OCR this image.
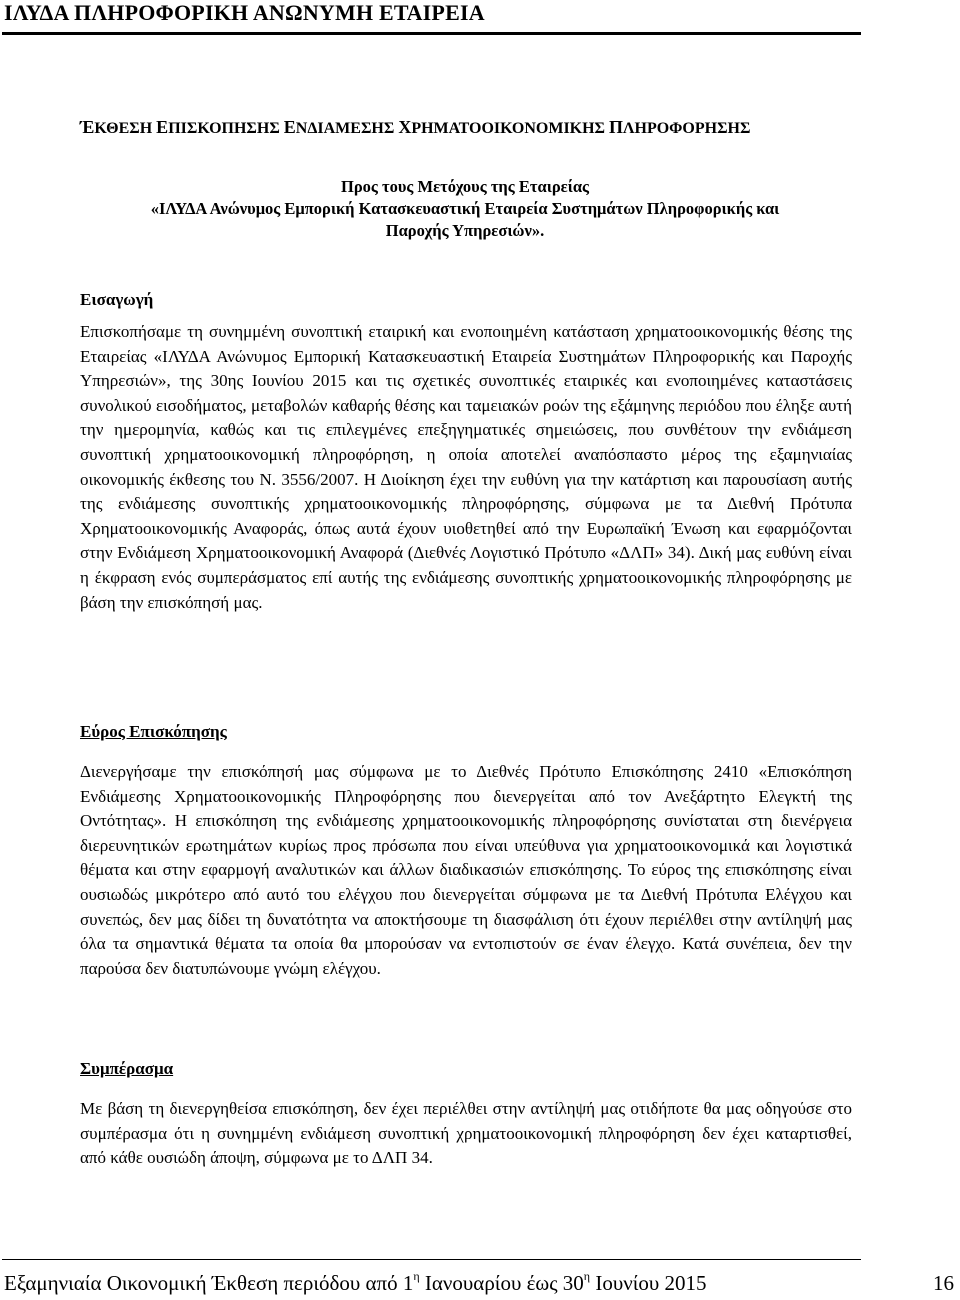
ΙΛΥΔΑ ΠΛΗΡΟΦΟΡΙΚΗ ΑΝΩΝΥΜΗ ΕΤΑΙΡΕΙΑ
ΈΚΘΕΣΗ ΕΠΙΣΚΟΠΗΣΗΣ ΕΝΔΙΑΜΕΣΗΣ ΧΡΗΜΑΤΟΟΙΚΟΝΟΜΙΚΗΣ ΠΛΗΡΟΦΟΡΗΣΗΣ
Προς τους Μετόχους της Εταιρείας
«ΙΛΥΔΑ Ανώνυμος Εμπορική Κατασκευαστική Εταιρεία Συστημάτων Πληροφορικής και
Παροχής Υπηρεσιών».
Εισαγωγή
Επισκοπήσαμε τη συνημμένη συνοπτική εταιρική και ενοποιημένη κατάσταση χρηματοοικονομικής θέσης της Εταιρείας «ΙΛΥΔΑ Ανώνυμος Εμπορική Κατασκευαστική Εταιρεία Συστημάτων Πληροφορικής και Παροχής Υπηρεσιών», της 30ης Ιουνίου 2015 και τις σχετικές συνοπτικές εταιρικές και ενοποιημένες καταστάσεις συνολικού εισοδήματος, μεταβολών καθαρής θέσης και ταμειακών ροών της εξάμηνης περιόδου που έληξε αυτή την ημερομηνία, καθώς και τις επιλεγμένες επεξηγηματικές σημειώσεις, που συνθέτουν την ενδιάμεση συνοπτική χρηματοοικονομική πληροφόρηση, η οποία αποτελεί αναπόσπαστο μέρος της εξαμηνιαίας οικονομικής έκθεσης του Ν. 3556/2007. Η Διοίκηση έχει την ευθύνη για την κατάρτιση και παρουσίαση αυτής της ενδιάμεσης συνοπτικής χρηματοοικονομικής πληροφόρησης, σύμφωνα με τα Διεθνή Πρότυπα Χρηματοοικονομικής Αναφοράς, όπως αυτά έχουν υιοθετηθεί από την Ευρωπαϊκή Ένωση και εφαρμόζονται στην Ενδιάμεση Χρηματοοικονομική Αναφορά (Διεθνές Λογιστικό Πρότυπο «ΔΛΠ» 34). Δική μας ευθύνη είναι η έκφραση ενός συμπεράσματος επί αυτής της ενδιάμεσης συνοπτικής χρηματοοικονομικής πληροφόρησης με βάση την επισκόπησή μας.
Εύρος Επισκόπησης
Διενεργήσαμε την επισκόπησή μας σύμφωνα με το Διεθνές Πρότυπο Επισκόπησης 2410 «Επισκόπηση Ενδιάμεσης Χρηματοοικονομικής Πληροφόρησης που διενεργείται από τον Ανεξάρτητο Ελεγκτή της Οντότητας». Η επισκόπηση της ενδιάμεσης χρηματοοικονομικής πληροφόρησης συνίσταται στη διενέργεια διερευνητικών ερωτημάτων κυρίως προς πρόσωπα που είναι υπεύθυνα για χρηματοοικονομικά και λογιστικά θέματα και στην εφαρμογή αναλυτικών και άλλων διαδικασιών επισκόπησης. Το εύρος της επισκόπησης είναι ουσιωδώς μικρότερο από αυτό του ελέγχου που διενεργείται σύμφωνα με τα Διεθνή Πρότυπα Ελέγχου και συνεπώς, δεν μας δίδει τη δυνατότητα να αποκτήσουμε τη διασφάλιση ότι έχουν περιέλθει στην αντίληψή μας όλα τα σημαντικά θέματα τα οποία θα μπορούσαν να εντοπιστούν σε έναν έλεγχο. Κατά συνέπεια, δεν την παρούσα δεν διατυπώνουμε γνώμη ελέγχου.
Συμπέρασμα
Με βάση τη διενεργηθείσα επισκόπηση, δεν έχει περιέλθει στην αντίληψή μας οτιδήποτε θα μας οδηγούσε στο συμπέρασμα ότι η συνημμένη ενδιάμεση συνοπτική χρηματοοικονομική πληροφόρηση δεν έχει καταρτισθεί, από κάθε ουσιώδη άποψη, σύμφωνα με το ΔΛΠ 34.
Εξαμηνιαία Οικονομική Έκθεση περιόδου από $1^\eta$ Ιανουαρίου έως $30^\eta$ Ιουνίου 2015	16
